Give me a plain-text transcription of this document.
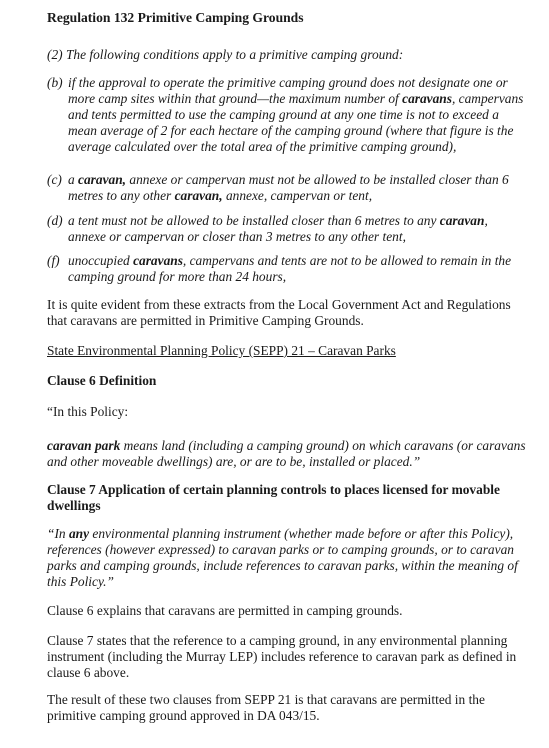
Regulation 132 Primitive Camping Grounds
(2) The following conditions apply to a primitive camping ground:
(b) if the approval to operate the primitive camping ground does not designate one or
more camp sites within that ground—the maximum number of caravans, campervans
and tents permitted to use the camping ground at any one time is not to exceed a
mean average of 2 for each hectare of the camping ground (where that figure is the
average calculated over the total area of the primitive camping ground),
(c) a caravan, annexe or campervan must not be allowed to be installed closer than 6
metres to any other caravan, annexe, campervan or tent,
(d) a tent must not be allowed to be installed closer than 6 metres to any caravan,
annexe or campervan or closer than 3 metres to any other tent,
(f) unoccupied caravans, campervans and tents are not to be allowed to remain in the
camping ground for more than 24 hours,
It is quite evident from these extracts from the Local Government Act and Regulations
that caravans are permitted in Primitive Camping Grounds.
State Environmental Planning Policy (SEPP) 21 – Caravan Parks
Clause 6 Definition
“In this Policy:
caravan park means land (including a camping ground) on which caravans (or caravans
and other moveable dwellings) are, or are to be, installed or placed.”
Clause 7 Application of certain planning controls to places licensed for movable
dwellings
“In any environmental planning instrument (whether made before or after this Policy),
references (however expressed) to caravan parks or to camping grounds, or to caravan
parks and camping grounds, include references to caravan parks, within the meaning of
this Policy.”
Clause 6 explains that caravans are permitted in camping grounds.
Clause 7 states that the reference to a camping ground, in any environmental planning
instrument (including the Murray LEP) includes reference to caravan park as defined in
clause 6 above.
The result of these two clauses from SEPP 21 is that caravans are permitted in the
primitive camping ground approved in DA 043/15.
